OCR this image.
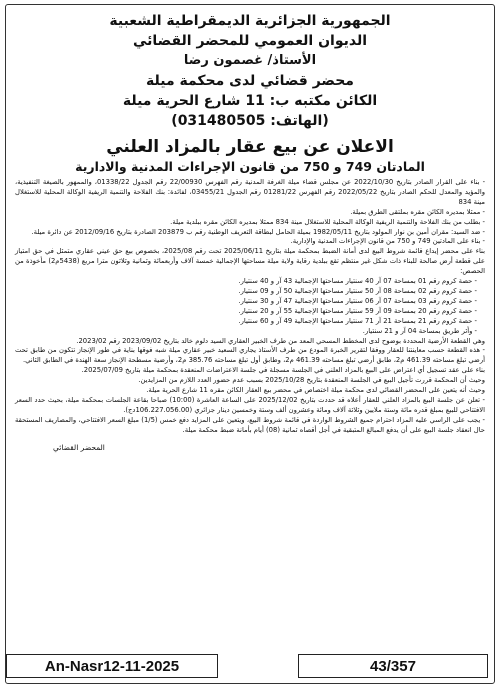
الجمهورية الجزائرية الديمقراطية الشعبية
الديوان العمومي للمحضر القضائي
الأستاذ/ غصمون رضا
محضر قضائي لدى محكمة ميلة
الكائن مكتبه ب: 11 شارع الحرية ميلة
(الهاتف: 031480505)
الاعلان عن بيع عقار بالمزاد العلني
المادتان 749 و 750 من قانون الإجراءات المدنية والادارية

- بناء على القرار الصادر بتاريخ 2022/10/30 عن مجلس قضاء ميلة الغرفة المدنية رقم الفهرس 22/00930 رقم الجدول 01338/22، والممهور بالصيغة التنفيذية، والمؤيد والمعدل للحكم الصادر بتاريخ 2022/05/22 رقم الفهرس 01281/22 رقم الجدول 03455/21، لفائدة: بنك الفلاحة والتنمية الريفية الوكالة المحلية للاستغلال مينة 834

- ممثلا بمديره الكائن مقره بملتقى الطرق بميلة.

- بطلب من بنك الفلاحة والتنمية الريفية الوكالة المحلية للاستغلال مينة 834 ممثلا بمديره الكائن مقره ببلدية ميلة.

- ضد السيد: مقران أمين بن نوار المولود بتاريخ 1982/05/11 بميلة الحامل لبطاقة التعريف الوطنية رقم ب 203879 الصادرة بتاريخ 2012/09/16 عن دائرة ميلة.

- بناء على المادتين 749 و 750 من قانون الإجراءات المدنية والإدارية.

بناء على محضر إيداع قائمة شروط البيع لدى أمانة الضبط بمحكمة ميلة بتاريخ 2025/06/11 تحت رقم 2025/08، بخصوص بيع حق عيني عقاري متمثل في حق امتياز على قطعة أرض صالحة للبناء ذات شكل غير منتظم تقع ببلدية رقاية ولاية ميلة مساحتها الإجمالية خمسة آلاف وأربعمائة وثمانية وثلاثون مترا مربع (5438م2) مأخوذة من الحصص:

- حصة كروم رقم 01 بمساحة 07 آر 40 سنتيار مساحتها الإجمالية 43 آر و 40 سنتيار.

- حصة كروم رقم 02 بمساحة 08 آر 50 سنتيار مساحتها الإجمالية 50 آر و 09 سنتيار.

- حصة كروم رقم 03 بمساحة 07 آر 06 سنتيار مساحتها الإجمالية 47 آر و 30 سنتيار.

- حصة كروم رقم 20 بمساحة 09 آر 59 سنتيار مساحتها الإجمالية 55 آر و 20 سنتيار.

- حصة كروم رقم 21 بمساحة 21 آر 71 سنتيار مساحتها الإجمالية 49 آر و 60 سنتيار.

- وأثر طريق بمساحة 04 آر و 21 سنتيار.

وهي القطعة الأرضية المحددة بوضوح لدى المخطط المسحي المعد من طرف الخبير العقاري السيد دلوم خالد بتاريخ 2023/09/02 رقم 2023/02.

- هذه القطعة حسب معاينتنا للعقار ووفقا لتقرير الخبرة المودع من طرف الأستاذ يجاري السعيد خبير عقاري ميلة شبه فوقها بناية في طور الإنجاز تتكون من طابق تحت أرضي تبلغ مساحته 461.39 م2، طابق أرضي تبلغ مساحته 461.39 م2، وطابق أول تبلغ مساحته 385.76 م2، وأرضية مسطحة الإنجاز سعة الهندة في الطابق الثاني.

بناء على عقد تسجيل أي اعتراض على البيع بالمزاد العلني في الجلسة مسجلة في جلسة الاعتراضات المنعقدة بمحكمة ميلة بتاريخ 2025/07/09.

وحيث أن المحكمة قررت تأجيل البيع في الجلسة المنعقدة بتاريخ 2025/10/28 بسبب عدم حضور العدد اللازم من المزايدين.

وحيث أنه يتعين على المحضر القضائي لدى محكمة ميلة اختصاص في محضر بيع العقار الكائن مقره 11 شارع الحرية ميلة.

- تعلن عن جلسة البيع بالمزاد العلني للعقار أعلاه قد حددت بتاريخ 2025/12/02 على الساعة العاشرة (10:00) صباحا بقاعة الجلسات بمحكمة ميلة، بحيث حدد السعر الافتتاحي للبيع بمبلغ قدره مائة وستة ملايين وثلاثة آلاف ومائة وعشرون ألف وستة وخمسين دينار جزائري (106.227.056.00دج).

- يجب على الراسي عليه المزاد احترام جميع الشروط الواردة في قائمة شروط البيع، ويتعين على المزايد دفع خمس (1/5) مبلغ السعر الافتتاحي، والمصاريف المستحقة حال انعقاد جلسة البيع على أن يدفع المبالغ المتبقية في أجل أقصاه ثمانية (08) أيام بأمانة ضبط محكمة ميلة.

المحضر القضائي
An-Nasr12-11-2025	43/357
